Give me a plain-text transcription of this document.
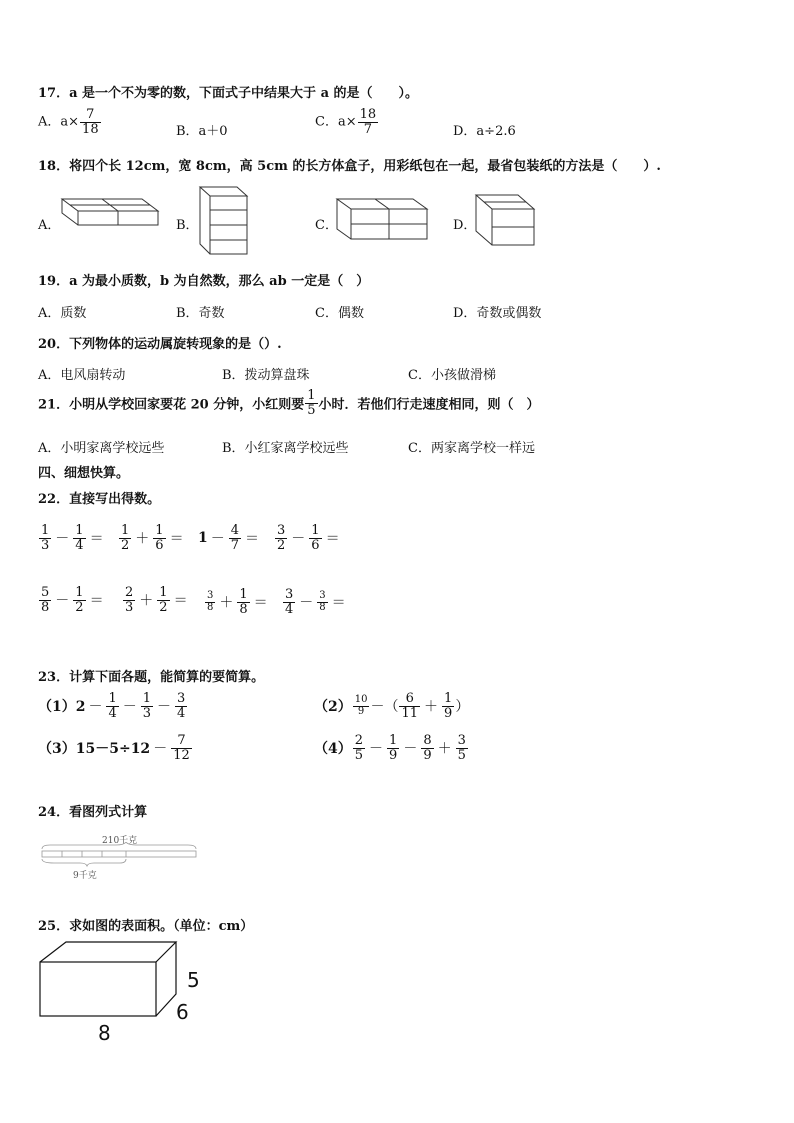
17．a 是一个不为零的数，下面式子中结果大于 a 的是（　　）。
A．$a\times \frac{7}{18}$	B．a＋0
C．$a\times \frac{18}{7}$	D．a÷2.6
18．将四个长 12cm，宽 8cm，高 5cm 的长方体盒子，用彩纸包在一起，最省包装纸的方法是（　　）.
A．	B．	C．	D．
19．a 为最小质数，b 为自然数，那么 ab 一定是（　）
A．质数	B．奇数	C．偶数	D．奇数或偶数
20．下列物体的运动属旋转现象的是（）.
A．电风扇转动	B．拨动算盘珠	C．小孩做滑梯
21．小明从学校回家要花 20 分钟，小红则要 $\frac{1}{5}$ 小时．若他们行走速度相同，则（　）
A．小明家离学校远些	B．小红家离学校远些	C．两家离学校一样远
四、细想快算。
22．直接写出得数。
$\frac{1}{3} - \frac{1}{4} = \frac{1}{2} + \frac{1}{6} = 1 - \frac{4}{7} = \frac{3}{2} - \frac{1}{6}$ ＝
$\frac{5}{8} - \frac{1}{2} = \frac{2}{3} + \frac{1}{2}$ ＝	$\frac{3}{8} + \frac{1}{8} = \frac{3}{4} - \frac{3}{8}$ ＝
23．计算下面各题，能简算的要简算。
$(1)2 - \frac{1}{4} - \frac{1}{3} - \frac{3}{4}$	$(2) \frac{10}{9}$ －（ $\frac{6}{11} + \frac{1}{9}$ ）
$(3)15-5\div 12 - \frac{7}{12}$	$(4) \frac{2}{5} - \frac{1}{9} - \frac{8}{9} + \frac{3}{5}$
24．看图列式计算
210千克
9千克
25．求如图的表面积。（单位：cm）
5
6
8
